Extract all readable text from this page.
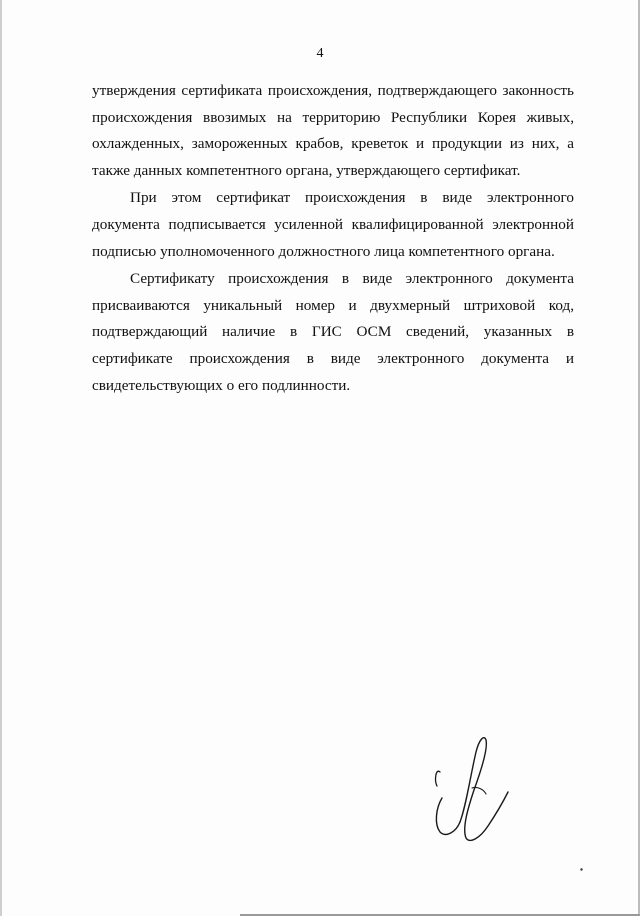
4

утверждения сертификата происхождения, подтверждающего законность происхождения ввозимых на территорию Республики Корея живых, охлажденных, замороженных крабов, креветок и продукции из них, а также данных компетентного органа, утверждающего сертификат.

При этом сертификат происхождения в виде электронного документа подписывается усиленной квалифицированной электронной подписью уполномоченного должностного лица компетентного органа.

Сертификату происхождения в виде электронного документа присваиваются уникальный номер и двухмерный штриховой код, подтверждающий наличие в ГИС ОСМ сведений, указанных в сертификате происхождения в виде электронного документа и свидетельствующих о его подлинности.
